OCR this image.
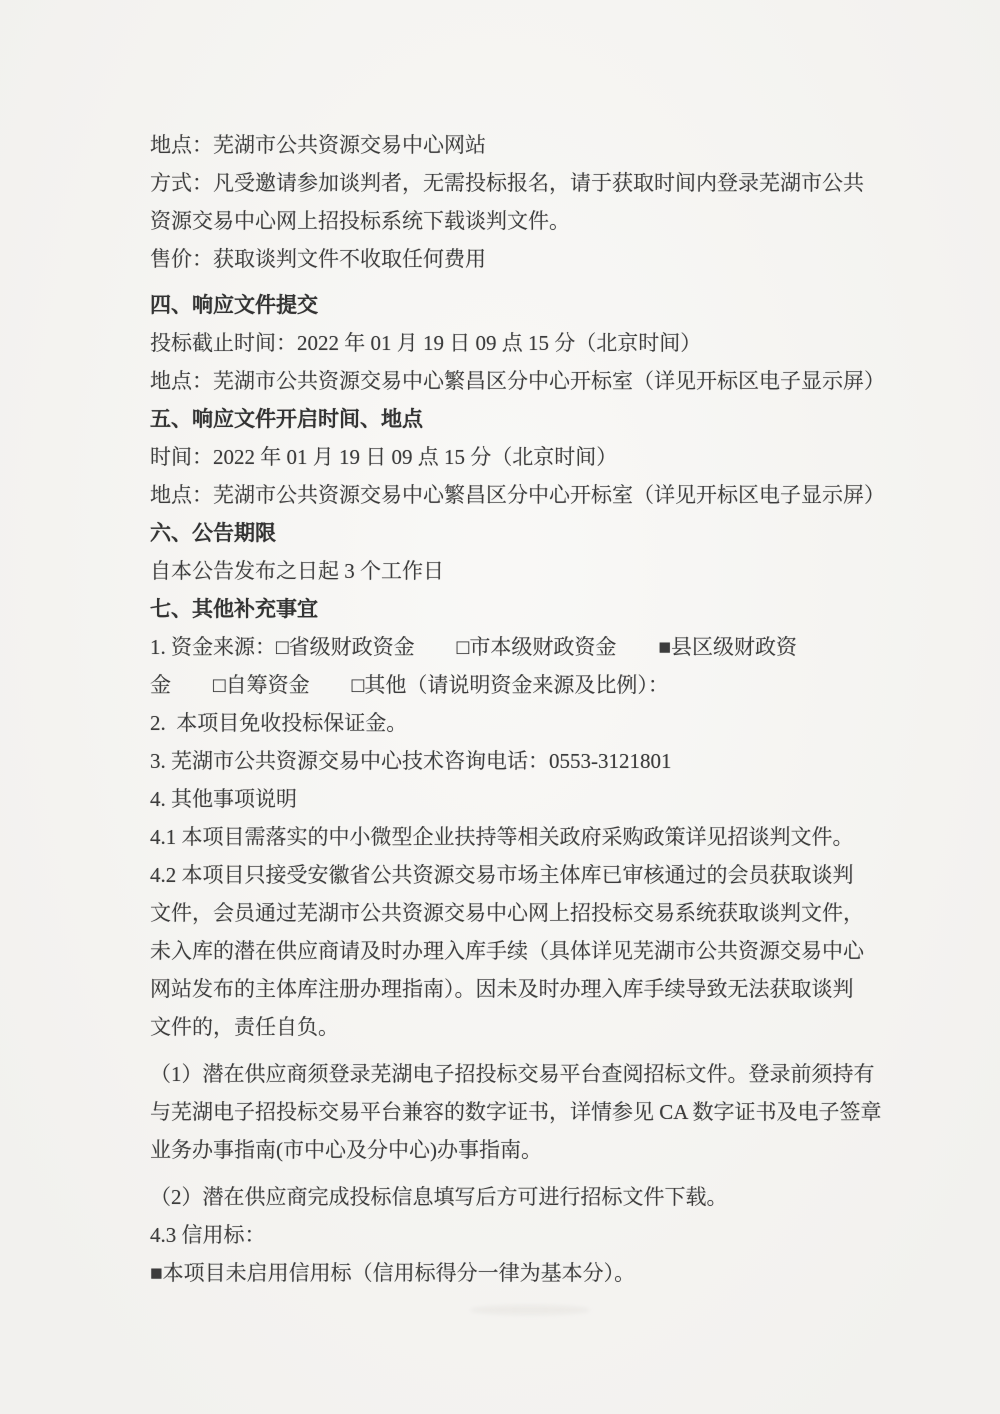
地点：芜湖市公共资源交易中心网站
方式：凡受邀请参加谈判者，无需投标报名，请于获取时间内登录芜湖市公共
资源交易中心网上招投标系统下载谈判文件。
售价：获取谈判文件不收取任何费用
四、响应文件提交
投标截止时间：2022 年 01 月 19 日 09 点 15 分（北京时间）
地点：芜湖市公共资源交易中心繁昌区分中心开标室（详见开标区电子显示屏）
五、响应文件开启时间、地点
时间：2022 年 01 月 19 日 09 点 15 分（北京时间）
地点：芜湖市公共资源交易中心繁昌区分中心开标室（详见开标区电子显示屏）
六、公告期限
自本公告发布之日起 3 个工作日
七、其他补充事宜
1. 资金来源：□省级财政资金　　□市本级财政资金　　■县区级财政资
金　　□自筹资金　　□其他（请说明资金来源及比例）：
2.  本项目免收投标保证金。
3. 芜湖市公共资源交易中心技术咨询电话：0553-3121801
4. 其他事项说明
4.1 本项目需落实的中小微型企业扶持等相关政府采购政策详见招谈判文件。
4.2 本项目只接受安徽省公共资源交易市场主体库已审核通过的会员获取谈判
文件，会员通过芜湖市公共资源交易中心网上招投标交易系统获取谈判文件，
未入库的潜在供应商请及时办理入库手续（具体详见芜湖市公共资源交易中心
网站发布的主体库注册办理指南）。因未及时办理入库手续导致无法获取谈判
文件的，责任自负。
（1）潜在供应商须登录芜湖电子招投标交易平台查阅招标文件。登录前须持有
与芜湖电子招投标交易平台兼容的数字证书，详情参见 CA 数字证书及电子签章
业务办事指南(市中心及分中心)办事指南。
（2）潜在供应商完成投标信息填写后方可进行招标文件下载。
4.3 信用标：
■本项目未启用信用标（信用标得分一律为基本分）。
